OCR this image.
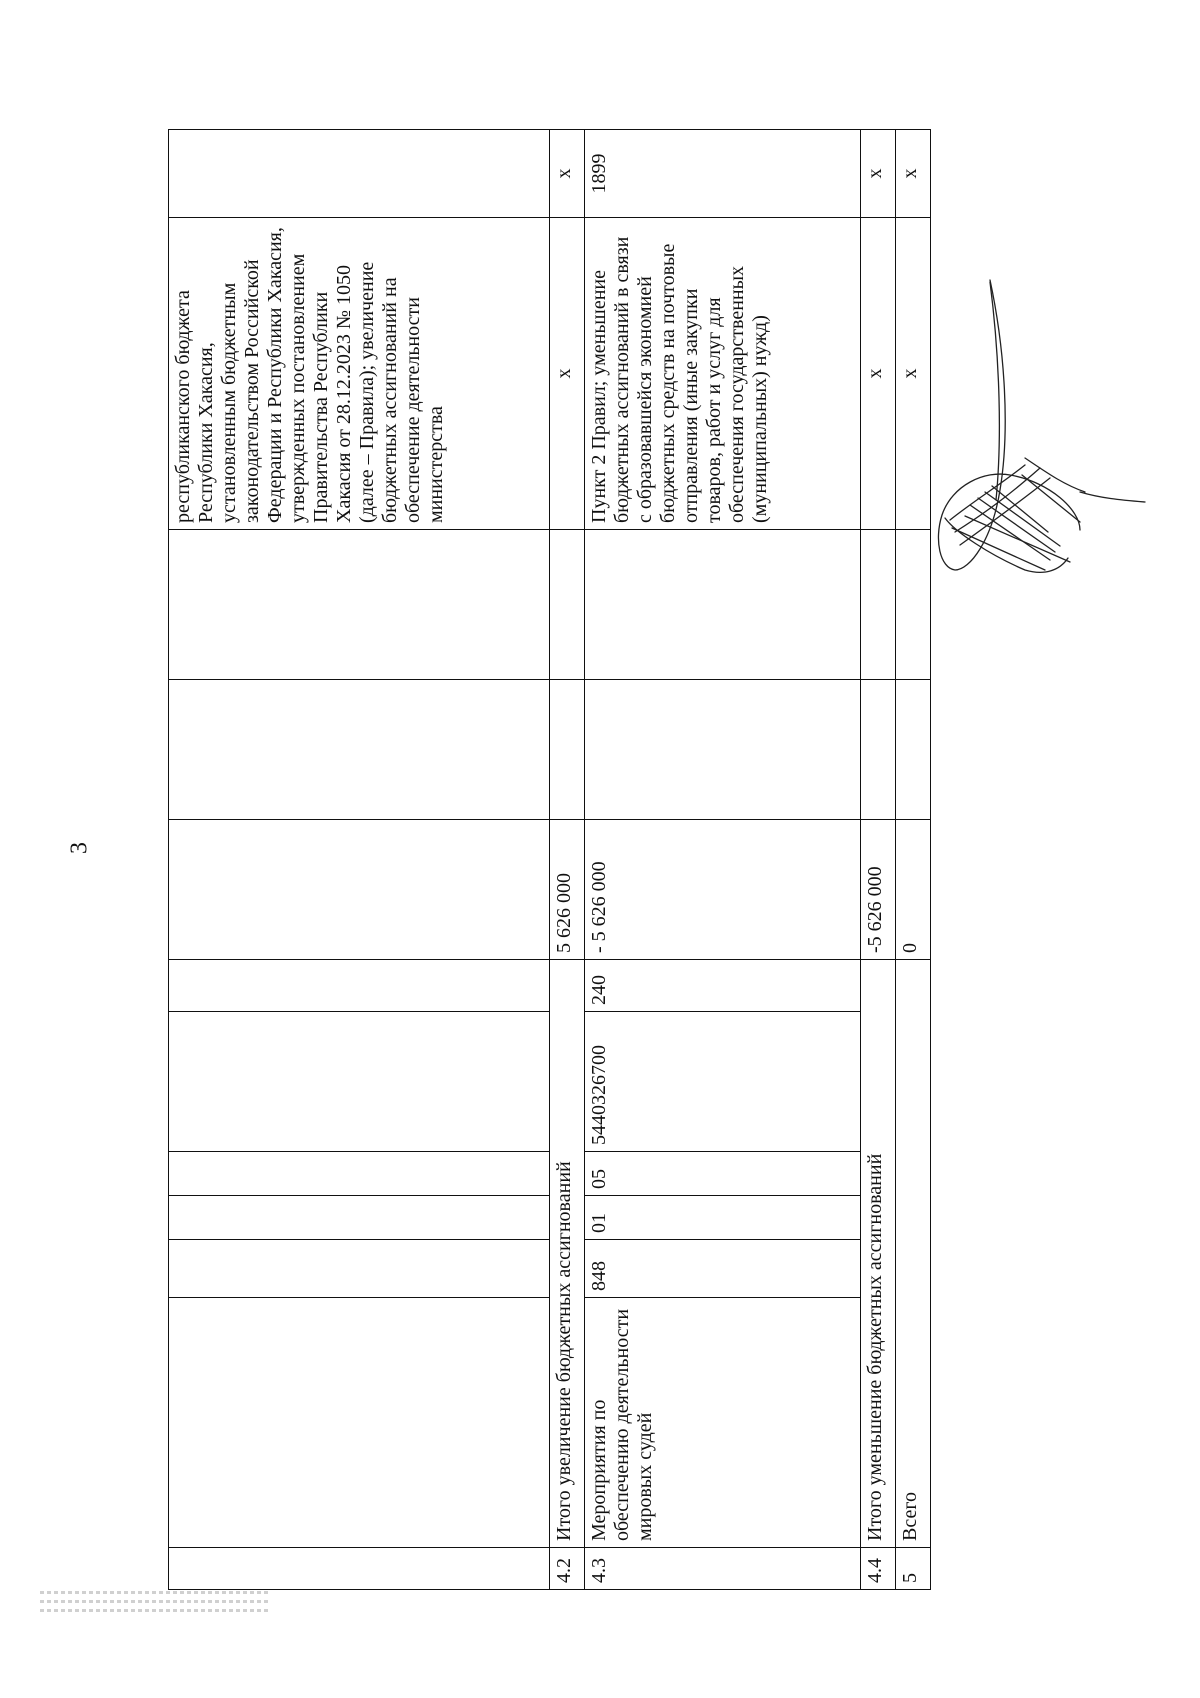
3
										республиканского бюджета Республики Хакасия, установленным бюджетным законодательством Российской Федерации и Республики Хакасия, утвержденных постановлением Правительства Республики Хакасия от 28.12.2023 № 1050 (далее – Правила); увеличение бюджетных ассигнований на обеспечение деятельности министерства	
4.2	Итого увеличение бюджетных ассигнований						5 626 000			x	x
4.3	Мероприятия по обеспечению деятельности мировых судей	848	01	05	5440326700	240	- 5 626 000			Пункт 2 Правил; уменьшение бюджетных ассигнований в связи с образовавшейся экономией бюджетных средств на почтовые отправления (иные закупки товаров, работ и услуг для обеспечения государственных (муниципальных) нужд)	1899
4.4	Итого уменьшение бюджетных ассигнований						-5 626 000			x	x
5	Всего						0			x	x
